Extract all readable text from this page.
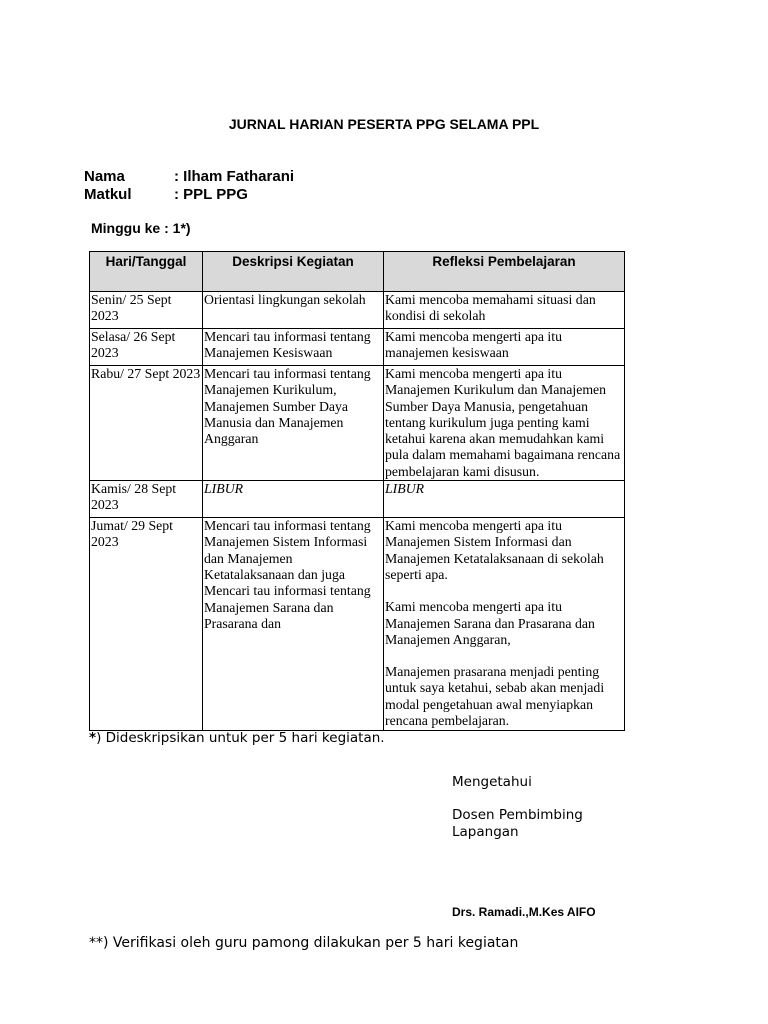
JURNAL HARIAN PESERTA PPG SELAMA PPL
Nama	: Ilham Fatharani
Matkul	: PPL PPG
Minggu ke : 1*)
Hari/Tanggal	Deskripsi Kegiatan	Refleksi Pembelajaran
Senin/ 25 Sept 2023	Orientasi lingkungan sekolah	Kami mencoba memahami situasi dan kondisi di sekolah

Selasa/ 26 Sept 2023	Mencari tau informasi tentang Manajemen Kesiswaan	Kami mencoba mengerti apa itu manajemen kesiswaan

Rabu/ 27 Sept 2023	Mencari tau informasi tentang Manajemen Kurikulum, Manajemen Sumber Daya Manusia dan Manajemen Anggaran	Kami mencoba mengerti apa itu Manajemen Kurikulum dan Manajemen Sumber Daya Manusia, pengetahuan tentang kurikulum juga penting kami ketahui karena akan memudahkan kami pula dalam memahami bagaimana rencana pembelajaran kami disusun.

Kamis/ 28 Sept 2023	LIBUR	LIBUR

Jumat/ 29 Sept 2023	Mencari tau informasi tentang Manajemen Sistem Informasi dan Manajemen Ketatalaksanaan dan juga Mencari tau informasi tentang Manajemen Sarana dan Prasarana dan	Kami mencoba mengerti apa itu Manajemen Sistem Informasi dan Manajemen Ketatalaksanaan di sekolah seperti apa.
Kami mencoba mengerti apa itu Manajemen Sarana dan Prasarana dan Manajemen Anggaran,
Manajemen prasarana menjadi penting untuk saya ketahui, sebab akan menjadi modal pengetahuan awal menyiapkan rencana pembelajaran.
*) Dideskripsikan untuk per 5 hari kegiatan.
Mengetahui
Dosen Pembimbing
Lapangan
Drs. Ramadi.,M.Kes AIFO
**) Verifikasi oleh guru pamong dilakukan per 5 hari kegiatan
